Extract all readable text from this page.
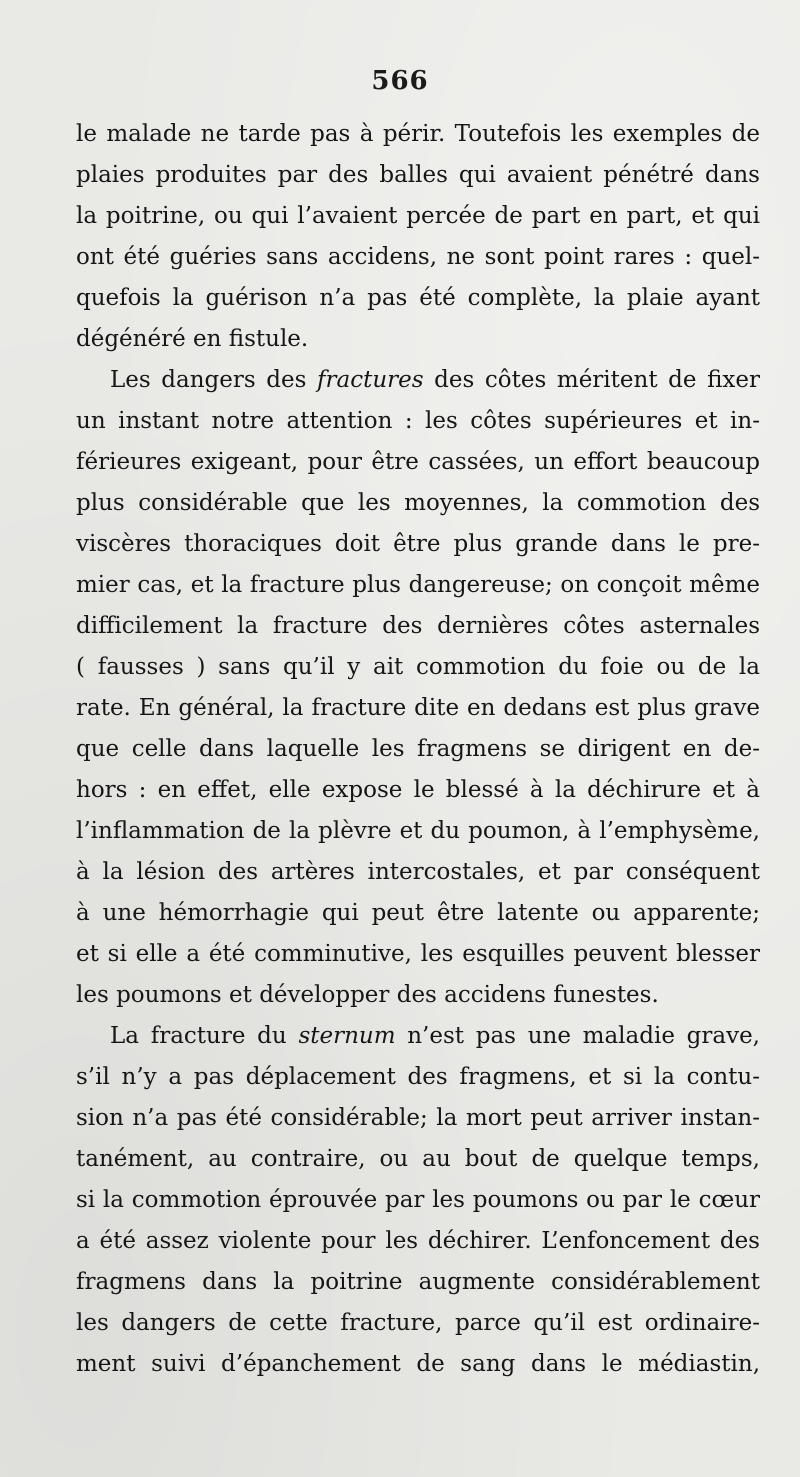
566
le malade ne tarde pas à périr. Toutefois les exemples de
plaies produites par des balles qui avaient pénétré dans
la poitrine, ou qui l’avaient percée de part en part, et qui
ont été guéries sans accidens, ne sont point rares : quel-
quefois la guérison n’a pas été complète, la plaie ayant
dégénéré en fistule.
Les dangers des fractures des côtes méritent de fixer
un instant notre attention : les côtes supérieures et in-
férieures exigeant, pour être cassées, un effort beaucoup
plus considérable que les moyennes, la commotion des
viscères thoraciques doit être plus grande dans le pre-
mier cas, et la fracture plus dangereuse; on conçoit même
difficilement la fracture des dernières côtes asternales
( fausses ) sans qu’il y ait commotion du foie ou de la
rate. En général, la fracture dite en dedans est plus grave
que celle dans laquelle les fragmens se dirigent en de-
hors : en effet, elle expose le blessé à la déchirure et à
l’inflammation de la plèvre et du poumon, à l’emphysème,
à la lésion des artères intercostales, et par conséquent
à une hémorrhagie qui peut être latente ou apparente;
et si elle a été comminutive, les esquilles peuvent blesser
les poumons et développer des accidens funestes.
La fracture du sternum n’est pas une maladie grave,
s’il n’y a pas déplacement des fragmens, et si la contu-
sion n’a pas été considérable; la mort peut arriver instan-
tanément, au contraire, ou au bout de quelque temps,
si la commotion éprouvée par les poumons ou par le cœur
a été assez violente pour les déchirer. L’enfoncement des
fragmens dans la poitrine augmente considérablement
les dangers de cette fracture, parce qu’il est ordinaire-
ment suivi d’épanchement de sang dans le médiastin,
